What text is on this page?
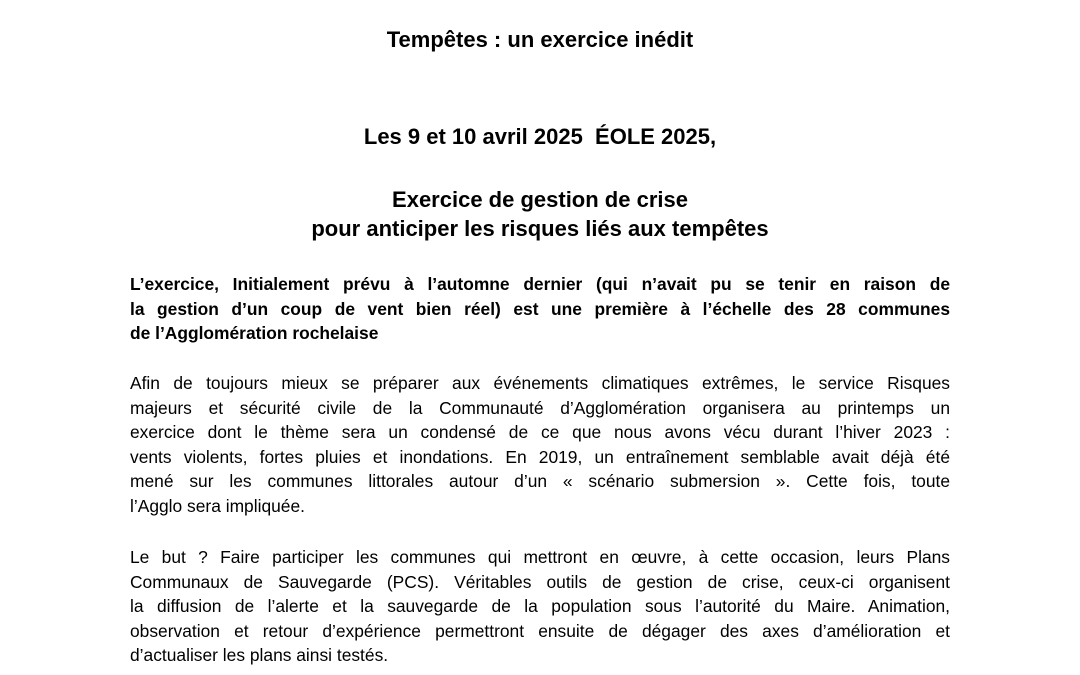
Tempêtes : un exercice inédit
Les 9 et 10 avril 2025  ÉOLE 2025,
Exercice de gestion de crise
pour anticiper les risques liés aux tempêtes
L’exercice, Initialement prévu à l’automne dernier (qui n’avait pu se tenir en raison de
la gestion d’un coup de vent bien réel) est une première à l’échelle des 28 communes
de l’Agglomération rochelaise
Afin de toujours mieux se préparer aux événements climatiques extrêmes, le service Risques
majeurs et sécurité civile de la Communauté d’Agglomération organisera au printemps un
exercice dont le thème sera un condensé de ce que nous avons vécu durant l’hiver 2023 :
vents violents, fortes pluies et inondations. En 2019, un entraînement semblable avait déjà été
mené sur les communes littorales autour d’un « scénario submersion ». Cette fois, toute
l’Agglo sera impliquée.
Le but ? Faire participer les communes qui mettront en œuvre, à cette occasion, leurs Plans
Communaux de Sauvegarde (PCS). Véritables outils de gestion de crise, ceux-ci organisent
la diffusion de l’alerte et la sauvegarde de la population sous l’autorité du Maire. Animation,
observation et retour d’expérience permettront ensuite de dégager des axes d’amélioration et
d’actualiser les plans ainsi testés.
